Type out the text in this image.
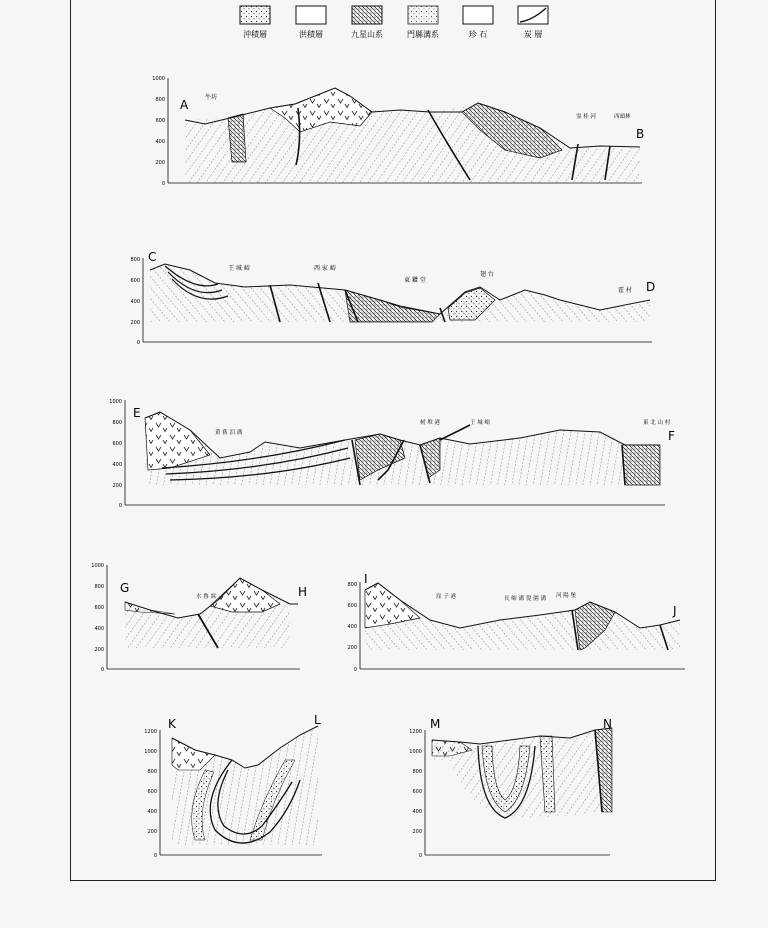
沖積層	洪積層	九星山系	門縣溝系	珍 石	炭 層
1000
800
600
400
200
0
A
B
牛坊
霊 桂 河	西頭林
800
600
400
200
0
C
D
王 城 峪	西 家 峪
東 鑽 堂
翅 台
霍 村
1000
800
600
400
200
0
E
F
黄 舊 泪 溝
树 堆 港	王 城 峪	東 北 山 村
1000
800
600
400
200
0
G	H
水 魯 窩
800
600
400
200
0
I
J
窪 子 港	長 峪 溝 髪 園 溝 河 陽 堡
1200
1000
800
600
400
200
0
K	L
1200
1000
800
600
400
200
0
M	N
